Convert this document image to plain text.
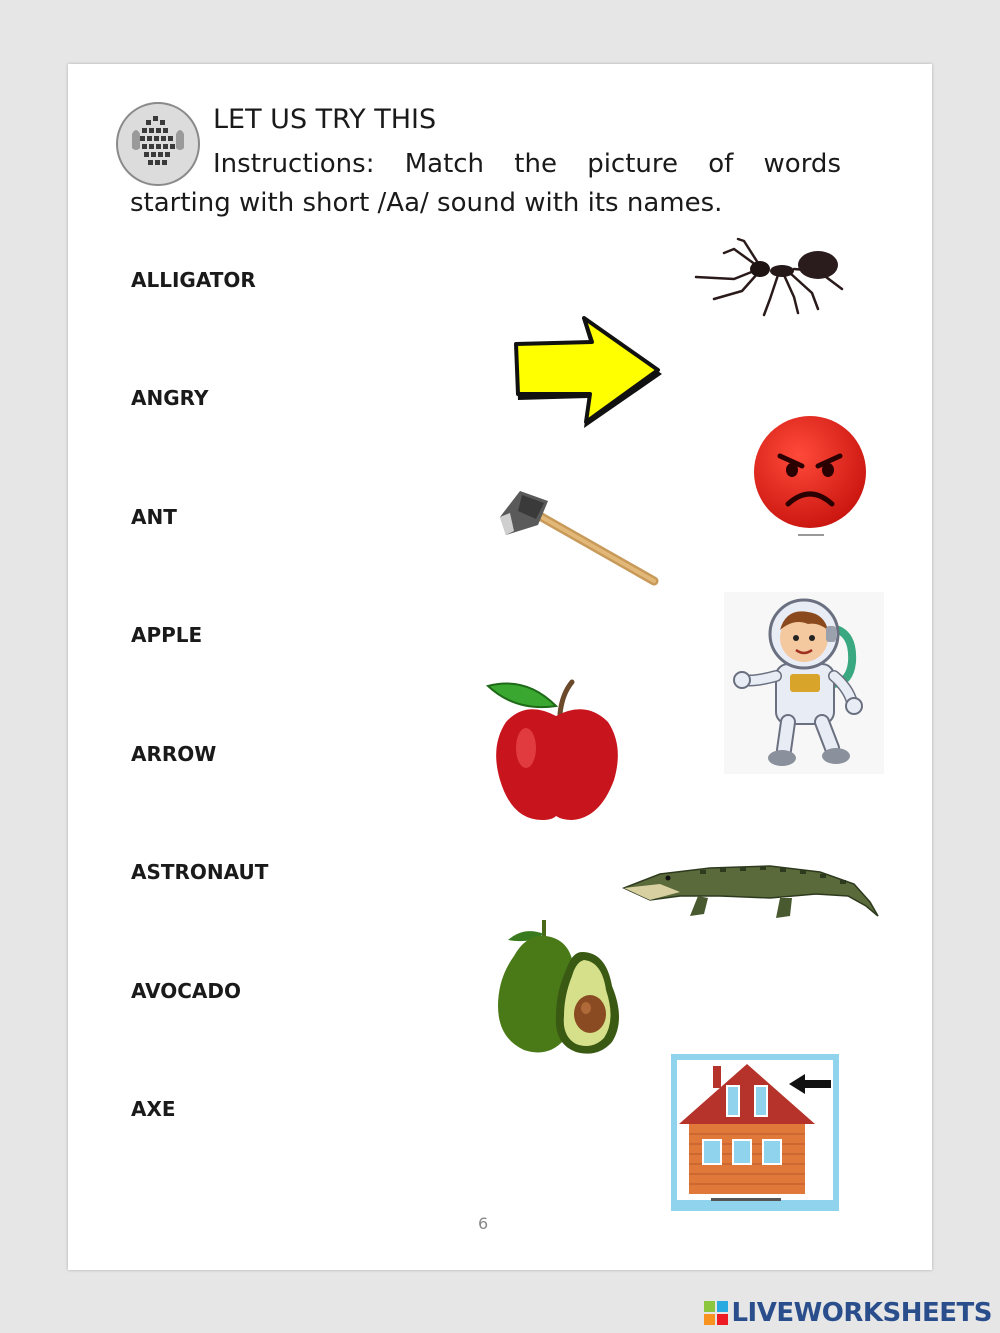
LET US TRY THIS
Instructions: Match the picture of words
starting with short /Aa/ sound with its names.
ALLIGATOR
ANGRY
ANT
APPLE
ARROW
ASTRONAUT
AVOCADO
AXE
6
LIVEWORKSHEETS
